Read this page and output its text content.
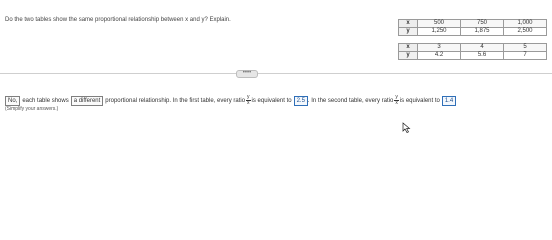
Do the two tables show the same proportional relationship between x and y? Explain.	x	500	750	1,000
y	1,250	1,875	2,500
x	3	4	5
y	4.2	5.6	7
••••
No, each table shows a different proportional relationship. In the first table, every ratio $\frac{y}{x}$ is equivalent to 2.5 . In the second table, every ratio $\frac{y}{x}$ is equivalent to 1.4
(Simplify your answers.)
